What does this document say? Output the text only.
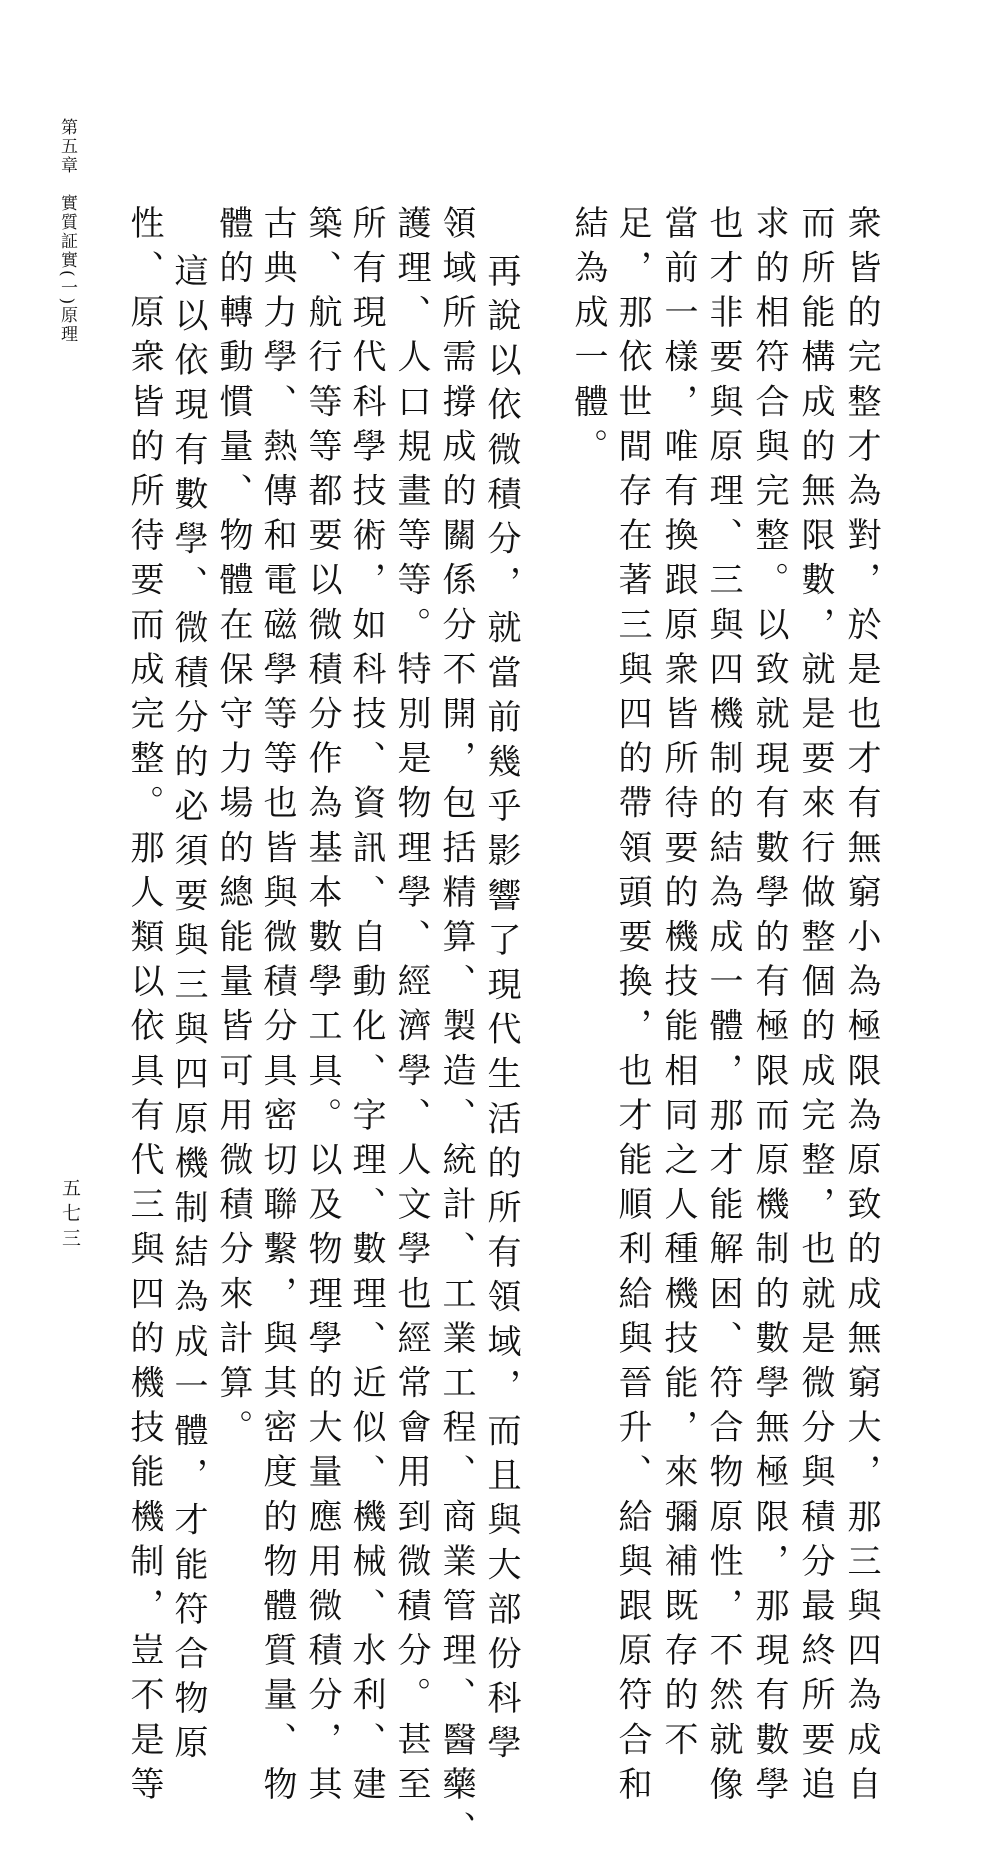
第五章　實質証實(一)原理
五七三	衆皆的完整才為對，於是也才有無窮小為極限為原致的成無窮大，那三與四為成自
而所能構成的無限數，就是要來行做整個的成完整，也就是微分與積分最終所要追
求的相符合與完整。以致就現有數學的有極限而原機制的數學無極限，那現有數學
也才非要與原理、三與四機制的結為成一體，那才能解困、符合物原性，不然就像
當前一樣，唯有換跟原衆皆所待要的機技能相同之人種機技能，來彌補既存的不
足，那依世間存在著三與四的帶領頭要換，也才能順利給與晉升、給與跟原符合和
結為成一體。
再說以依微積分，就當前幾乎影響了現代生活的所有領域，而且與大部份科學
領域所需撐成的關係分不開，包括精算、製造、統計、工業工程、商業管理、醫藥、
護理、人口規畫等等。特別是物理學、經濟學、人文學也經常會用到微積分。甚至
所有現代科學技術，如科技、資訊、自動化、字理、數理、近似、機械、水利、建
築、航行等等都要以微積分作為基本數學工具。以及物理學的大量應用微積分，其
古典力學、熱傳和電磁學等等也皆與微積分具密切聯繫，與其密度的物體質量、物
體的轉動慣量、物體在保守力場的總能量皆可用微積分來計算。
這以依現有數學、微積分的必須要與三與四原機制結為成一體，才能符合物原
性、原衆皆的所待要而成完整。那人類以依具有代三與四的機技能機制，豈不是等
